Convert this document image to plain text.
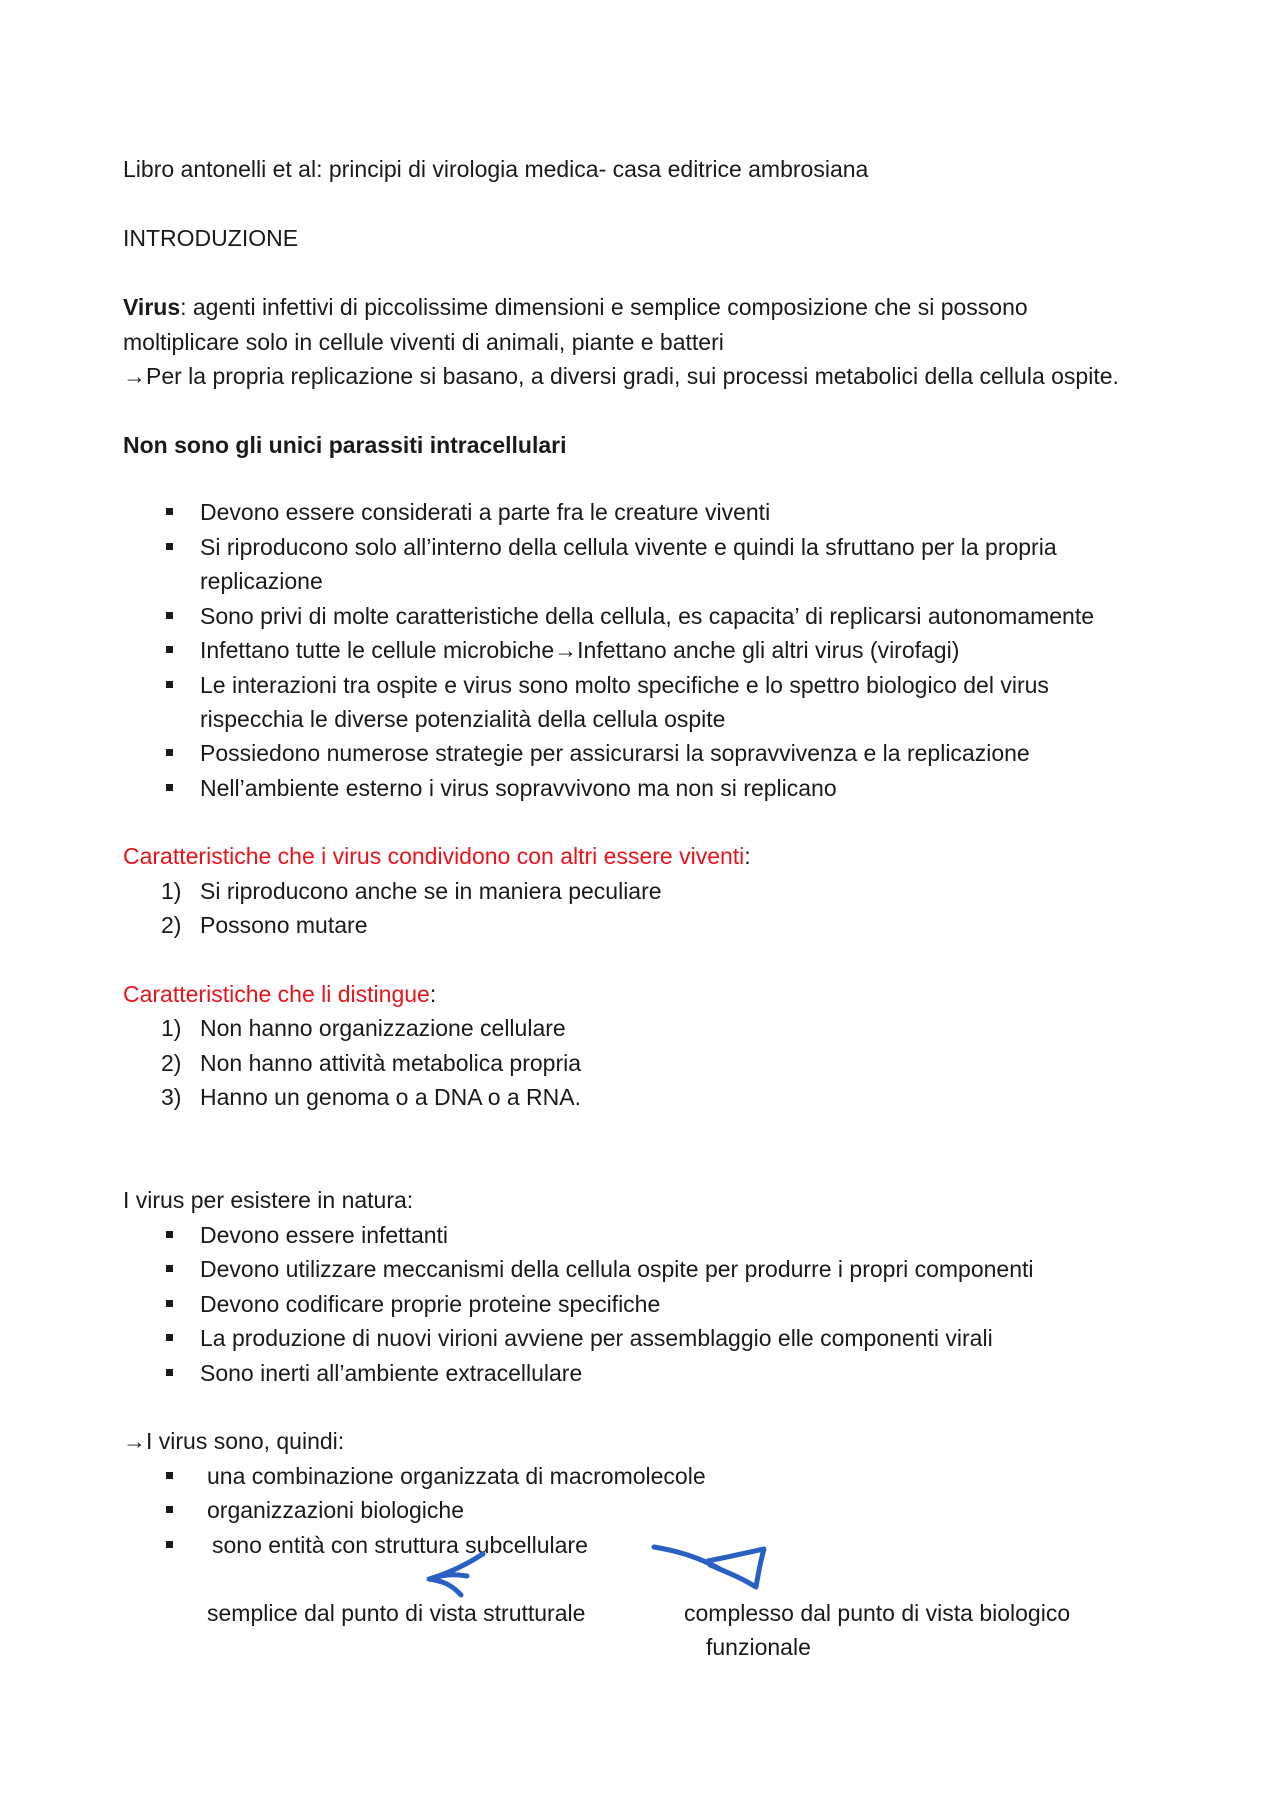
Libro antonelli et al: principi di virologia medica- casa editrice ambrosiana
INTRODUZIONE
Virus: agenti infettivi di piccolissime dimensioni e semplice composizione che si possono
moltiplicare solo in cellule viventi di animali, piante e batteri
→Per la propria replicazione si basano, a diversi gradi, sui processi metabolici della cellula ospite.
Non sono gli unici parassiti intracellulari
Devono essere considerati a parte fra le creature viventi
Si riproducono solo all’interno della cellula vivente e quindi la sfruttano per la propria
replicazione
Sono privi di molte caratteristiche della cellula, es capacita’ di replicarsi autonomamente
Infettano tutte le cellule microbiche→Infettano anche gli altri virus (virofagi)
Le interazioni tra ospite e virus sono molto specifiche e lo spettro biologico del virus
rispecchia le diverse potenzialità della cellula ospite
Possiedono numerose strategie per assicurarsi la sopravvivenza e la replicazione
Nell’ambiente esterno i virus sopravvivono ma non si replicano
Caratteristiche che i virus condividono con altri essere viventi:
1) Si riproducono anche se in maniera peculiare
2) Possono mutare
Caratteristiche che li distingue:
1) Non hanno organizzazione cellulare
2) Non hanno attività metabolica propria
3) Hanno un genoma o a DNA o a RNA.
I virus per esistere in natura:
Devono essere infettanti
Devono utilizzare meccanismi della cellula ospite per produrre i propri componenti
Devono codificare proprie proteine specifiche
La produzione di nuovi virioni avviene per assemblaggio elle componenti virali
Sono inerti all’ambiente extracellulare
→I virus sono, quindi:
una combinazione organizzata di macromolecole
organizzazioni biologiche
sono entità con struttura subcellulare
semplice dal punto di vista strutturale	complesso dal punto di vista biologico
funzionale
